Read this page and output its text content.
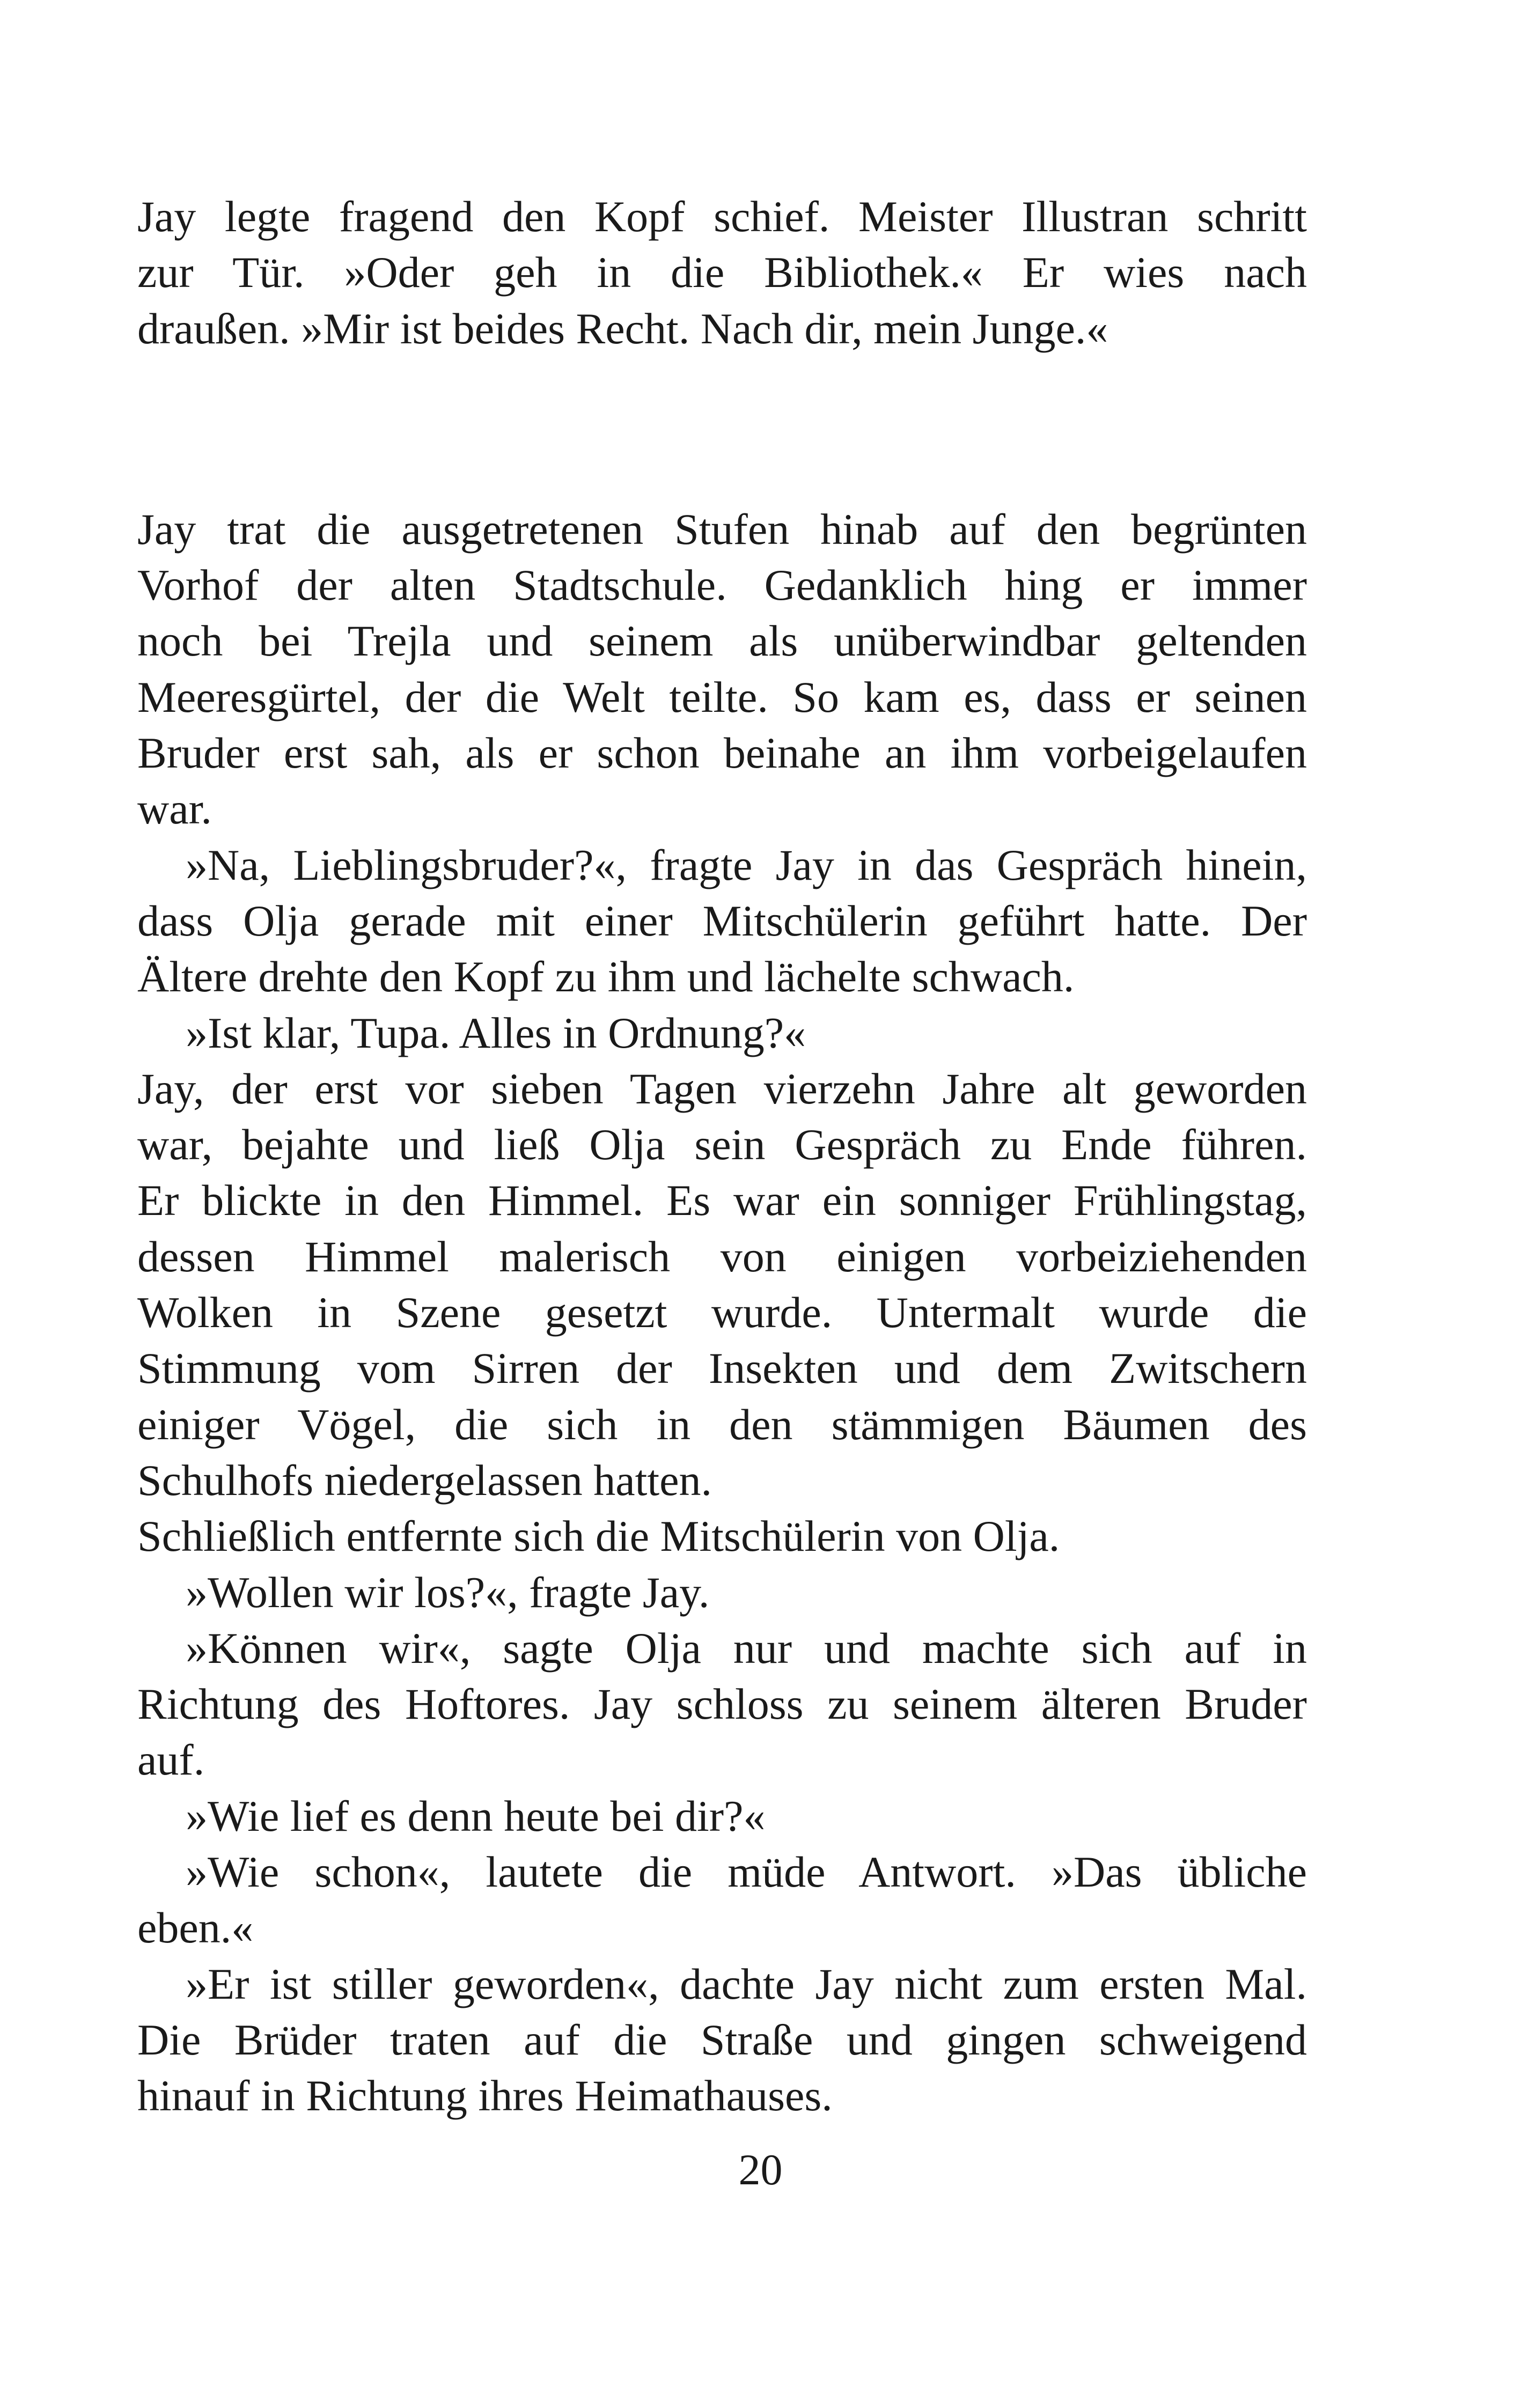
Jay legte fragend den Kopf schief. Meister Illustran schritt
zur Tür. »Oder geh in die Bibliothek.« Er wies nach
draußen. »Mir ist beides Recht. Nach dir, mein Junge.«
Jay trat die ausgetretenen Stufen hinab auf den begrünten
Vorhof der alten Stadtschule. Gedanklich hing er immer
noch bei Trejla und seinem als unüberwindbar geltenden
Meeresgürtel, der die Welt teilte. So kam es, dass er seinen
Bruder erst sah, als er schon beinahe an ihm vorbeigelaufen
war.
»Na, Lieblingsbruder?«, fragte Jay in das Gespräch hinein,
dass Olja gerade mit einer Mitschülerin geführt hatte. Der
Ältere drehte den Kopf zu ihm und lächelte schwach.
»Ist klar, Tupa. Alles in Ordnung?«
Jay, der erst vor sieben Tagen vierzehn Jahre alt geworden
war, bejahte und ließ Olja sein Gespräch zu Ende führen.
Er blickte in den Himmel. Es war ein sonniger Frühlingstag,
dessen Himmel malerisch von einigen vorbeiziehenden
Wolken in Szene gesetzt wurde. Untermalt wurde die
Stimmung vom Sirren der Insekten und dem Zwitschern
einiger Vögel, die sich in den stämmigen Bäumen des
Schulhofs niedergelassen hatten.
Schließlich entfernte sich die Mitschülerin von Olja.
»Wollen wir los?«, fragte Jay.
»Können wir«, sagte Olja nur und machte sich auf in
Richtung des Hoftores. Jay schloss zu seinem älteren Bruder
auf.
»Wie lief es denn heute bei dir?«
»Wie schon«, lautete die müde Antwort. »Das übliche
eben.«
»Er ist stiller geworden«, dachte Jay nicht zum ersten Mal.
Die Brüder traten auf die Straße und gingen schweigend
hinauf in Richtung ihres Heimathauses.
20
